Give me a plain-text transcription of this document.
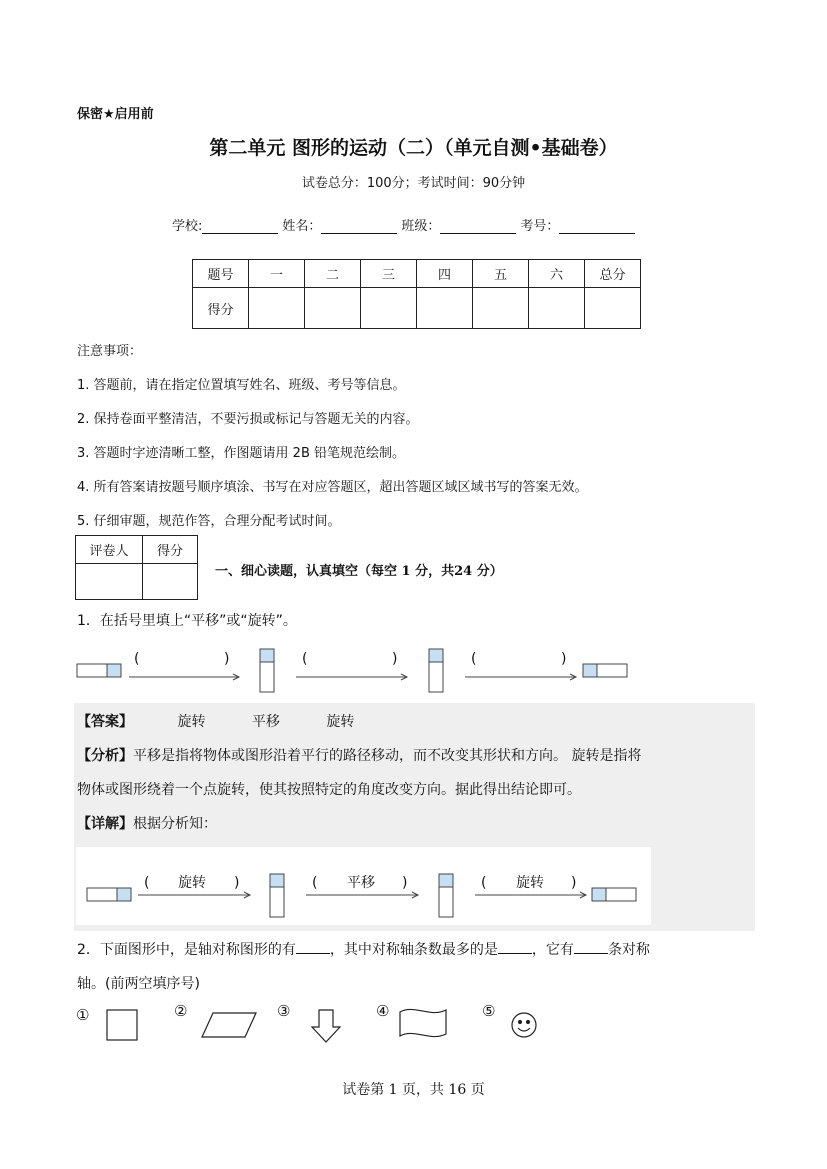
保密★启用前
第二单元 图形的运动（二）（单元自测•基础卷）
试卷总分：100分；考试时间：90分钟
学校:	姓名：	班级：	考号：
题号	一	二	三	四	五	六	总分
得分							
注意事项：
1. 答题前，请在指定位置填写姓名、班级、考号等信息。
2. 保持卷面平整清洁，不要污损或标记与答题无关的内容。
3. 答题时字迹清晰工整，作图题请用 2B 铅笔规范绘制。
4. 所有答案请按题号顺序填涂、书写在对应答题区，超出答题区域区域书写的答案无效。
5. 仔细审题，规范作答，合理分配考试时间。
评卷人	得分

一、细心读题，认真填空（每空 1 分，共24 分）
1．在括号里填上“平移”或“旋转”。
(	)	(	)	(	)
【答案】	旋转	平移	旋转
【分析】平移是指将物体或图形沿着平行的路径移动，而不改变其形状和方向。 旋转是指将
物体或图形绕着一个点旋转，使其按照特定的角度改变方向。据此得出结论即可。
【详解】根据分析知：
(	)	(	)	(	)
旋转	平移	旋转
2．下面图形中，是轴对称图形的有 ，其中对称轴条数最多的是 ，它有 条对称
轴。(前两空填序号)
①	②	③	④	⑤
试卷第 1 页，共 16 页
